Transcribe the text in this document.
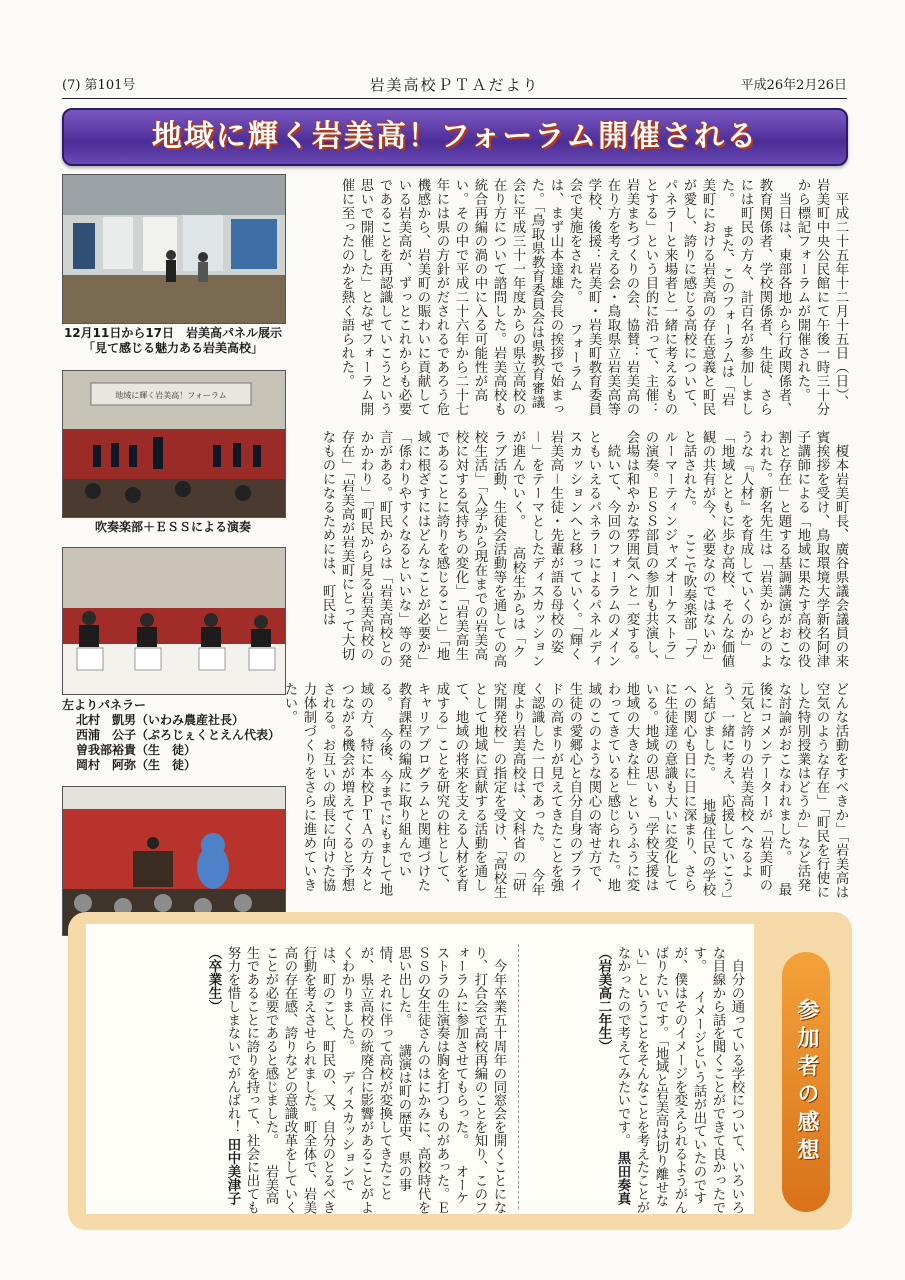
(7) 第101号	岩美高校ＰＴＡだより	平成26年2月26日
地域に輝く岩美高！フォーラム開催される
12月11日から17日　岩美高パネル展示
「見て感じる魅力ある岩美高校」
地域に輝く岩美高！フォーラム
吹奏楽部＋ＥＳＳによる演奏
左よりパネラー
北村　凱男（いわみ農産社長）
西浦　公子（ぷろじぇくとえん代表）
曽我部裕貴（生　徒）
岡村　阿弥（生　徒）
　平成二十五年十二月十五日（日）、岩美町中央公民館にて午後一時三十分から標記フォーラムが開催された。 　当日は、東部各地から行政関係者、教育関係者、学校関係者、生徒、さらには町民の方々、計百名が参加しました。 　また、このフォーラムは「岩美町における岩美高の存在意義と町民が愛し、誇りに感じる高校について、パネラーと来場者と一緒に考えるものとする」という目的に沿って、主催：岩美まちづくりの会、協賛：岩美高の在り方を考える会・鳥取県立岩美高等学校、後援：岩美町・岩美町教育委員会で実施をされた。 　フォーラムは、まず山本達雄会長の挨拶で始まった。「鳥取県教育委員会は県教育審議会に平成三十一年度からの県立高校の在り方について諮問した。岩美高校も統合再編の渦の中に入る可能性が高い。その中で平成二十六年から二十七年には県の方針がだされるであろう危機感から、岩美町の賑わいに貢献している岩美高が、ずっとこれからも必要であることを再認識していこうという思いで開催した」となぜフォーラム開催に至ったのかを熱く語られた。
　榎本岩美町長、廣谷県議会議員の来賓挨拶を受け、鳥取環境大学新名阿津子講師による「地域に果たす高校の役割と存在」と題する基調講演がおこなわれた。新名先生は「岩美からどのような『人材』を育成していくのか」「地域とともに歩む高校、そんな価値観の共有が今、必要なのではないか」と話された。 　ここで吹奏楽部「ブルーマーティンジャズオーケストラ」の演奏。ＥＳＳ部員の参加も共演し、会場は和やかな雰囲気へと一変する。 　続いて、今回のフォーラムのメインともいえるパネラーによるパネルディスカッションへと移っていく。「輝く岩美高－生徒・先輩が語る母校の姿－」をテーマとしたディスカッションが進んでいく。 　高校生からは「クラブ活動、生徒会活動等を通しての高校生活」「入学から現在までの岩美高校に対する気持ちの変化」「岩美高生であることに誇りを感じること」「地域に根ざすにはどんなことが必要か」「係わりやすくなるといいな」等の発言がある。町民からは「岩美高校とのかかわり」「町民から見る岩美高校の存在」「岩美高が岩美町にとって大切なものになるためには、町民は
どんな活動をすべきか」「岩美高は空気のような存在」「町民を行使にした特別授業はどうか」など活発な討論がおこなわれました。 　最後にコメンテーターが「岩美町の元気と誇りの岩美高校へなるよう、一緒に考え、応援していこう」と結びました。 　地域住民の学校への関心も日に日に深まり、さらに生徒達の意識も大いに変化している。地域の思いも「学校支援は地域の大きな柱」というふうに変わってきていると感じられた。地域のこのような関心の寄せ方で、生徒の愛郷心と自分自身のプライドの高まりが見えてきたことを強く認識した一日であった。 　今年度より岩美高校は、文科省の「研究開発校」の指定を受け、「高校生として地域に貢献する活動を通して、地域の将来を支える人材を育成する」ことを研究の柱として、キャリアプログラムと関連づけた教育課程の編成に取り組んでいる。 　今後、今までにもまして地域の方、特に本校ＰＴＡの方々とつながる機会が増えてくると予想される。お互いの成長に向けた協力体制づくりをさらに進めていきたい。
参加者の感想
　自分の通っている学校について、いろいろな目線から話を聞くことができて良かったです。 　イメージという話が出ていたのですが、僕はそのイメージを変えられるようがんばりたいです。「地域と岩美高は切り離せない」ということをそんなことを考えたことがなかったので考えてみたいです。 黒田奏真（岩美高二年生）
　今年卒業五十周年の同窓会を開くことになり、打合会で高校再編のことを知り、このフォーラムに参加させてもらった。 　オーケストラの生演奏は胸を打つものがあった。ＥＳＳの女生徒さんのはにかみに、高校時代を思い出した。 　講演は町の歴史、県の事情、それに伴って高校が変換してきたことが、県立高校の統廃合に影響があることがよくわかりました。 　ディスカッションでは、町のこと、町民の、又、自分のとるべき行動を考えさせられました。町全体で、岩美高の存在感、誇りなどの意識改革をしていくことが必要であると感じました。 　岩美高生であることに誇りを持って、社会に出ても努力を惜しまないでがんばれ！ 田中美津子（卒業生）
